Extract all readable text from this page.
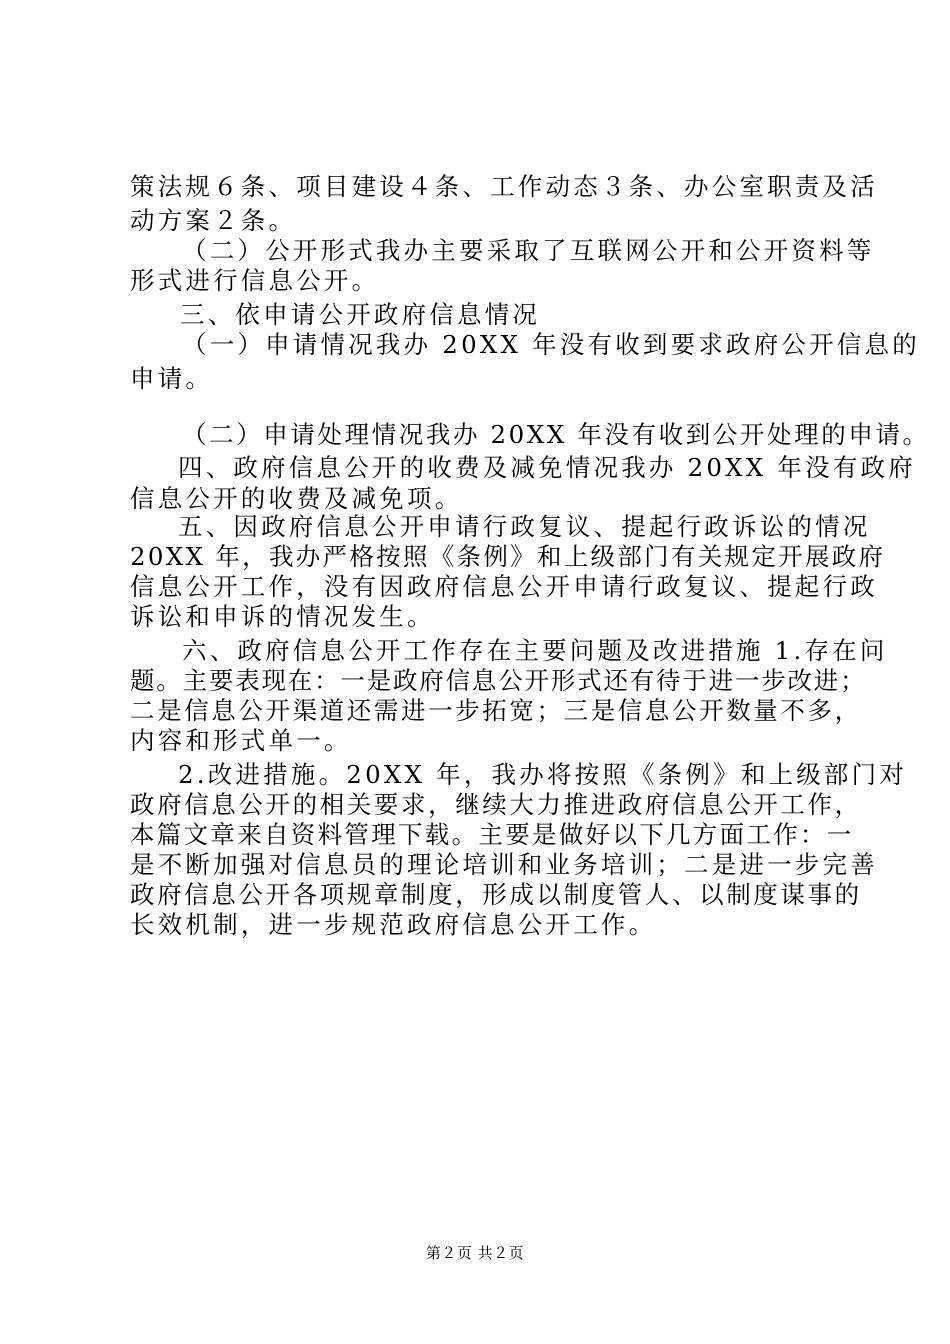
策法规６条、项目建设４条、工作动态３条、办公室职责及活

动方案２条。

（二）公开形式我办主要采取了互联网公开和公开资料等

形式进行信息公开。

三、依申请公开政府信息情况

（一）申请情况我办 20XX 年没有收到要求政府公开信息的

申请。

（二）申请处理情况我办 20XX 年没有收到公开处理的申请。

四、政府信息公开的收费及减免情况我办 20XX 年没有政府

信息公开的收费及减免项。

五、因政府信息公开申请行政复议、提起行政诉讼的情况

20XX 年，我办严格按照《条例》和上级部门有关规定开展政府

信息公开工作，没有因政府信息公开申请行政复议、提起行政

诉讼和申诉的情况发生。

六、政府信息公开工作存在主要问题及改进措施 1.存在问

题。主要表现在：一是政府信息公开形式还有待于进一步改进；

二是信息公开渠道还需进一步拓宽；三是信息公开数量不多，

内容和形式单一。

2.改进措施。20XX 年，我办将按照《条例》和上级部门对

政府信息公开的相关要求，继续大力推进政府信息公开工作，

本篇文章来自资料管理下载。主要是做好以下几方面工作：一

是不断加强对信息员的理论培训和业务培训；二是进一步完善

政府信息公开各项规章制度，形成以制度管人、以制度谋事的

长效机制，进一步规范政府信息公开工作。

第２页 共２页
